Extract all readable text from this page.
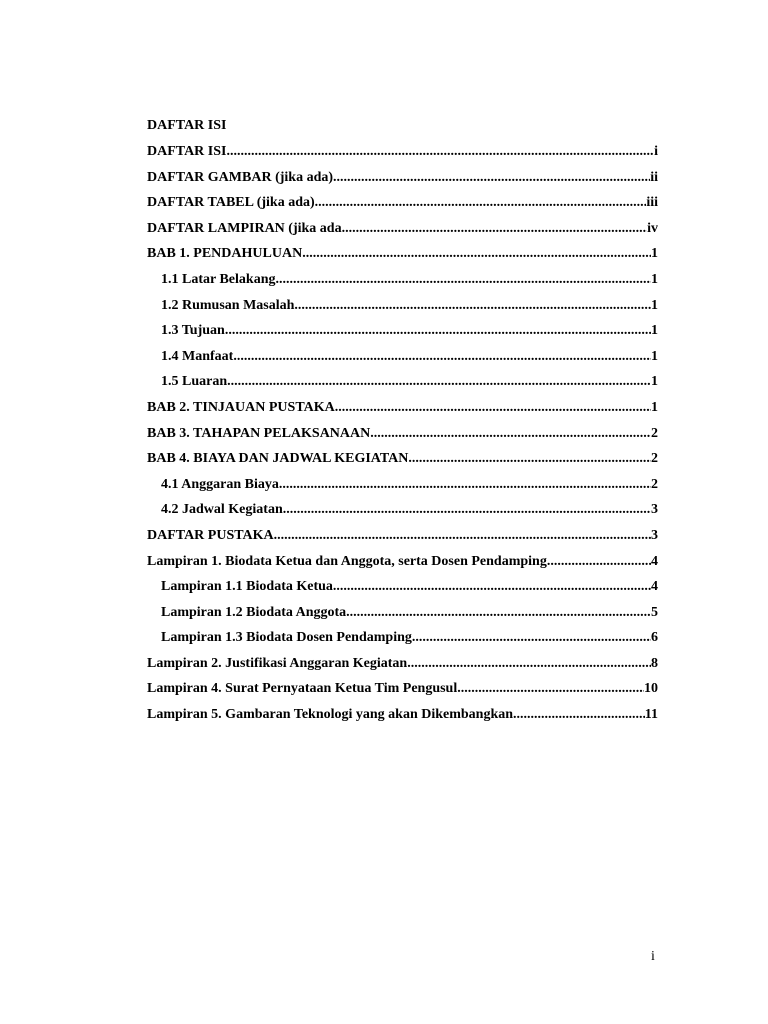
DAFTAR ISI
DAFTAR ISI .....	i
DAFTAR GAMBAR (jika ada) .....	ii
DAFTAR TABEL (jika ada) .....	iii
DAFTAR LAMPIRAN (jika ada .....	iv
BAB 1. PENDAHULUAN .....	1
1.1 Latar Belakang .....	1
1.2 Rumusan Masalah .....	1
1.3 Tujuan .....	1
1.4 Manfaat .....	1
1.5 Luaran .....	1
BAB 2. TINJAUAN PUSTAKA .....	1
BAB 3. TAHAPAN PELAKSANAAN .....	2
BAB 4. BIAYA DAN JADWAL KEGIATAN .....	2
4.1 Anggaran Biaya .....	2
4.2 Jadwal Kegiatan .....	3
DAFTAR PUSTAKA .....	3
Lampiran 1. Biodata Ketua dan Anggota, serta Dosen Pendamping .....	4
Lampiran 1.1 Biodata Ketua .....	4
Lampiran 1.2 Biodata Anggota .....	5
Lampiran 1.3 Biodata Dosen Pendamping .....	6
Lampiran 2. Justifikasi Anggaran Kegiatan .....	8
Lampiran 4. Surat Pernyataan Ketua Tim Pengusul .....	10
Lampiran 5. Gambaran Teknologi yang akan Dikembangkan .....	11
i
